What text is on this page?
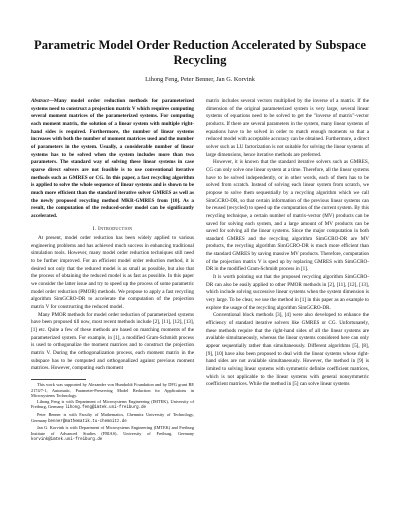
Parametric Model Order Reduction Accelerated by Subspace Recycling
Lihong Feng, Peter Benner, Jan G. Korvink

Abstract—Many model order reduction methods for parameterized systems need to construct a projection matrix V which requires computing several moment matrices of the parameterized systems. For computing each moment matrix, the solution of a linear system with multiple right-hand sides is required. Furthermore, the number of linear systems increases with both the number of moment matrices used and the number of parameters in the system. Usually, a considerable number of linear systems has to be solved when the system includes more than two parameters. The standard way of solving these linear systems in case sparse direct solvers are not feasible is to use conventional iterative methods such as GMRES or CG. In this paper, a fast recycling algorithm is applied to solve the whole sequence of linear systems and is shown to be much more efficient than the standard iterative solver GMRES as well as the newly proposed recycling method MKR-GMRES from [10]. As a result, the computation of the reduced-order model can be significantly accelerated.

I. Introduction

At present, model order reduction has been widely applied to various engineering problems and has achieved much success in enhancing traditional simulation tools. However, many model order reduction techniques still need to be further improved. For an efficient model order reduction method, it is desired not only that the reduced model is as small as possible, but also that the process of obtaining the reduced model is as fast as possible. In this paper we consider the latter issue and try to speed up the process of some parametric model order reduction (PMOR) methods. We propose to apply a fast recycling algorithm SimGCRO-DR to accelerate the computation of the projection matrix V for constructing the reduced model.

Many PMOR methods for model order reduction of parameterized systems have been proposed till now, most recent methods include [2], [11], [12], [13], [1] etc. Quite a few of these methods are based on matching moments of the parameterized system. For example, in [1], a modified Gram-Schmidt process is used to orthogonalize the moment matrices and to construct the projection matrix V. During the orthogonalization process, each moment matrix in the subspace has to be computed and orthogonalized against previous moment matrices. However, computing each moment

This work was supported by Alexander von Humboldt Foundation and by DFG grant BE 2174/7-1, Automatic, Parameter-Preserving Model Reduction for Applications in Microsystems Technology.

Lihong Feng is with Department of Microsystems Engineering (IMTEK), University of Freiburg, Germany lihong.feng@imtek.uni-freiburg.de

Peter Benner is with Faculty of Mathematics, Chemnitz University of Technology, Germany benner@mathematik.tu-chemnitz.de

Jan G. Korvink is with Department of Microsystems Engineering (IMTEK) and Freiburg Institute of Advanced Studies (FRIAS), University of Freiburg, Germany korvink@imtek.uni-freiburg.de

matrix includes several vectors multiplied by the inverse of a matrix. If the dimension of the original parameterized system is very large, several linear systems of equations need to be solved to get the "inverse of matrix"-vector products. If there are several parameters in the system, many linear systems of equations have to be solved in order to match enough moments so that a reduced model with acceptable accuracy can be obtained. Furthermore, a direct solver such as LU factorization is not suitable for solving the linear systems of large dimensions, hence iterative methods are preferred.

However, it is known that the standard iterative solvers such as GMRES, CG can only solve one linear system at a time. Therefore, all the linear systems have to be solved independently, or in other words, each of them has to be solved from scratch. Instead of solving each linear system from scratch, we propose to solve them sequentially by a recycling algorithm which we call SimGCRO-DR, so that certain information of the previous linear systems can be reused (recycled) to speed up the computation of the current system. By this recycling technique, a certain number of matrix-vector (MV) products can be saved for solving each system, and a large amount of MV products can be saved for solving all the linear systems. Since the major computation in both standard GMRES and the recycling algorithm SimGCRO-DR are MV products, the recycling algorithm SimGCRO-DR is much more efficient than the standard GMRES by saving massive MV products. Therefore, computation of the projection matrix V is sped up by replacing GMRES with SimGCRO-DR in the modified Gram-Schmidt process in [1].

It is worth pointing out that the proposed recycling algorithm SimGCRO-DR can also be easily applied to other PMOR methods in [2], [11], [12], [13], which include solving successive linear systems when the system dimension is very large. To be clear, we use the method in [1] in this paper as an example to explore the usage of the recycling algorithm SimGCRO-DR.

Conventional block methods [3], [4] were also developed to enhance the efficiency of standard iterative solvers like GMRES or CG. Unfortunately, these methods require that the right-hand sides of all the linear systems are available simultaneously, whereas the linear systems considered here can only appear sequentially rather than simultaneously. Different algorithms [5], [8], [9], [10] have also been proposed to deal with the linear systems whose right-hand sides are not available simultaneously. However, the method in [9] is limited to solving linear systems with symmetric definite coefficient matrices, which is not applicable to the linear systems with general nonsymmetric coefficient matrices. While the method in [5] can solve linear systems
